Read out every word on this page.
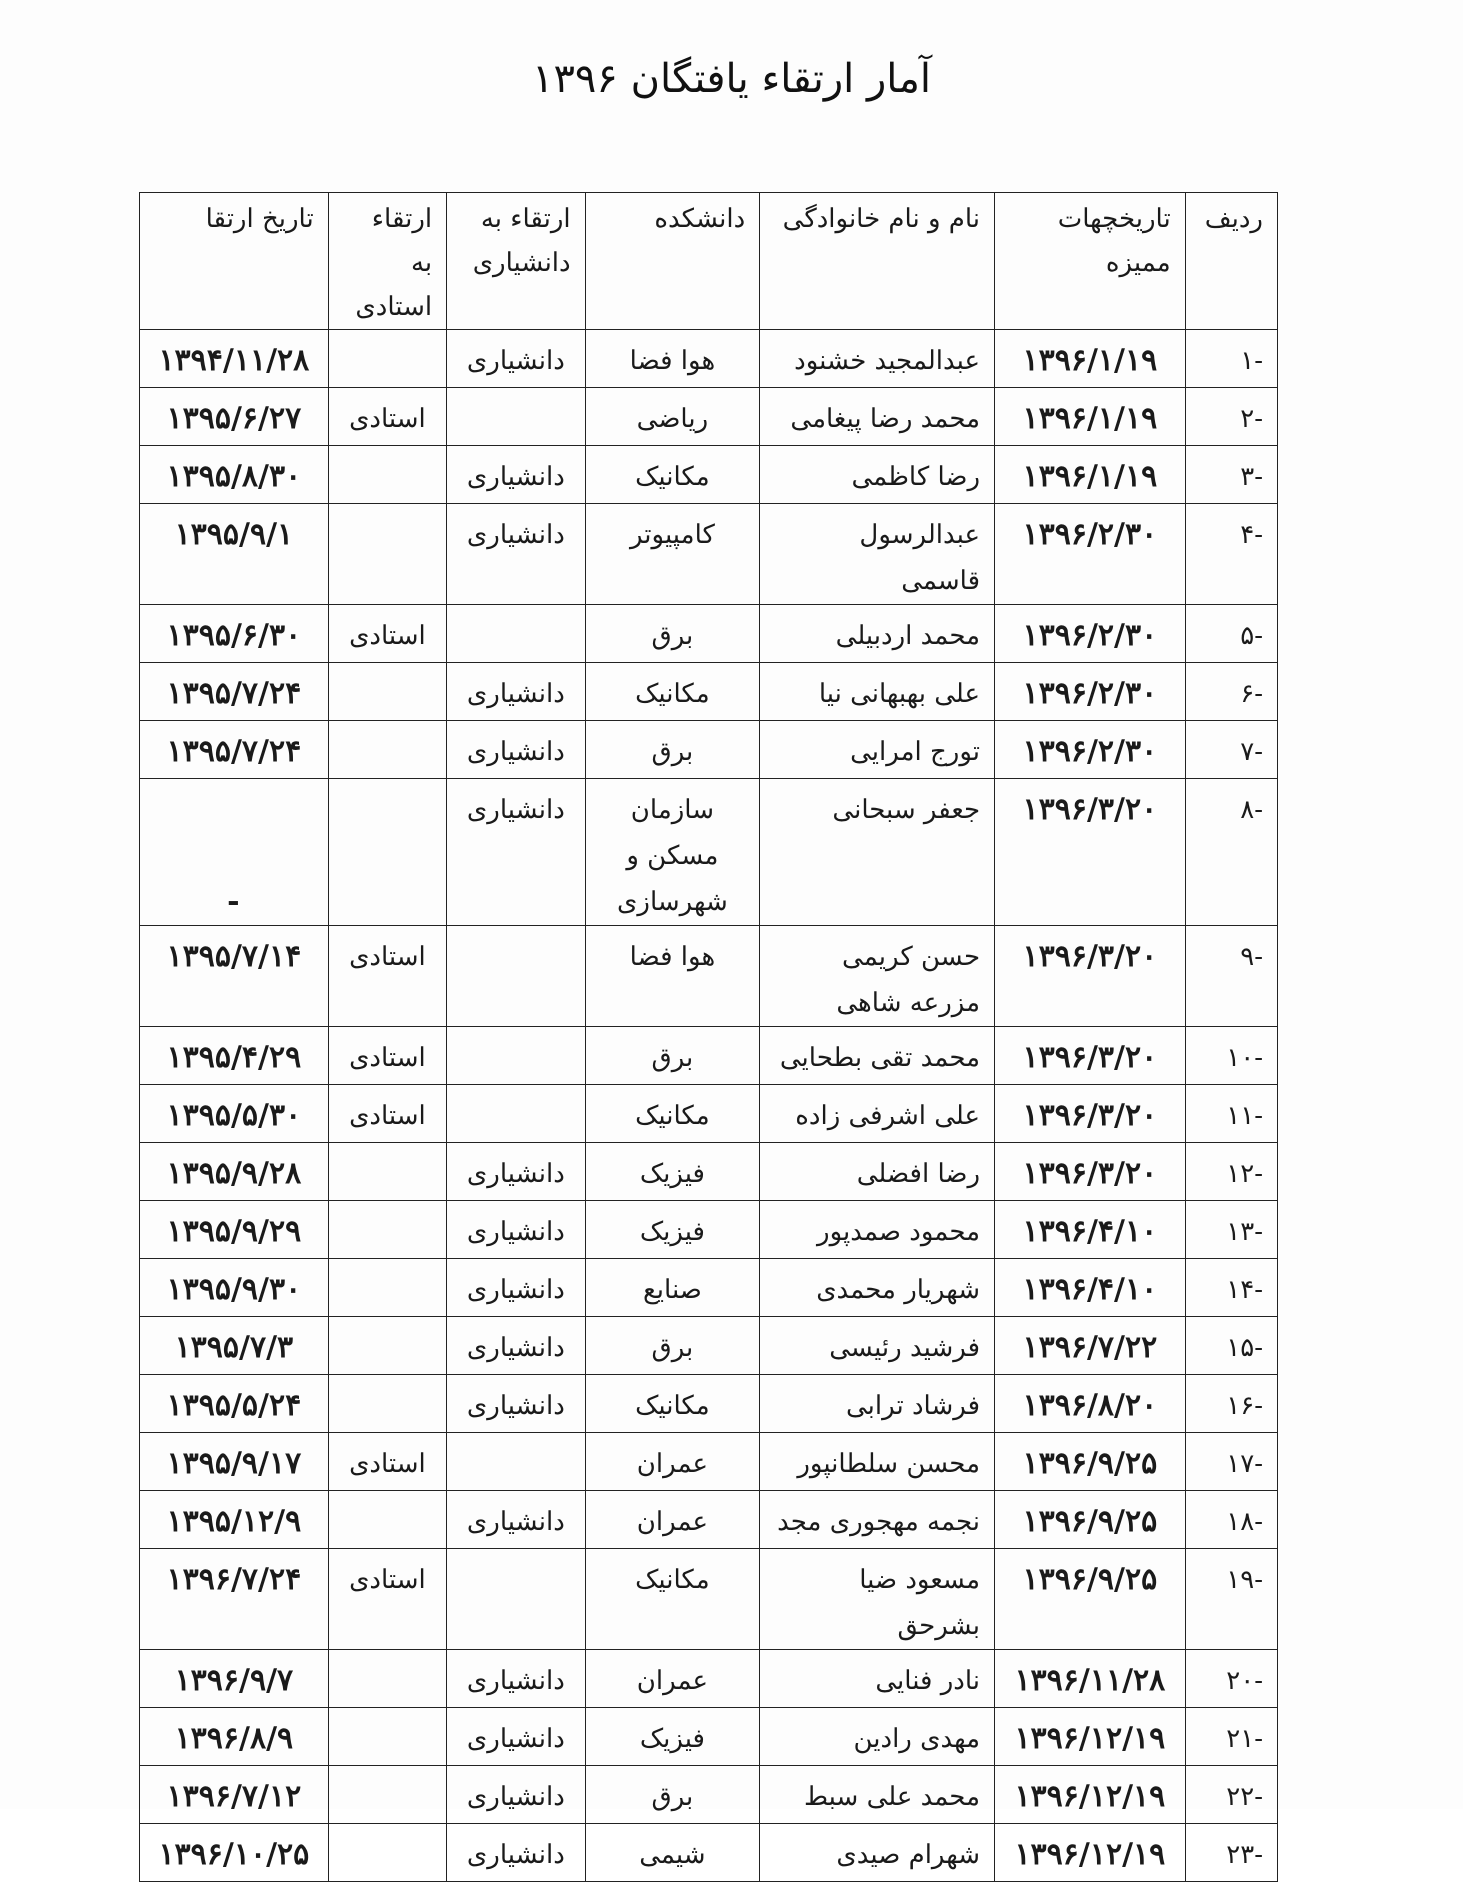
آمار ارتقاء یافتگان ۱۳۹۶
ردیف	تاریخچهات ممیزه	نام و نام خانوادگی	دانشکده	ارتقاء به دانشیاری	ارتقاء به استادی	تاریخ ارتقا
-۱	۱۳۹۶/۱/۱۹	عبدالمجید خشنود	هوا فضا	دانشیاری		۱۳۹۴/۱۱/۲۸
-۲	۱۳۹۶/۱/۱۹	محمد رضا پیغامی	ریاضی		استادی	۱۳۹۵/۶/۲۷
-۳	۱۳۹۶/۱/۱۹	رضا کاظمی	مکانیک	دانشیاری		۱۳۹۵/۸/۳۰
-۴	۱۳۹۶/۲/۳۰	عبدالرسول قاسمی	کامپیوتر	دانشیاری		۱۳۹۵/۹/۱
-۵	۱۳۹۶/۲/۳۰	محمد اردبیلی	برق		استادی	۱۳۹۵/۶/۳۰
-۶	۱۳۹۶/۲/۳۰	علی بهبهانی نیا	مکانیک	دانشیاری		۱۳۹۵/۷/۲۴
-۷	۱۳۹۶/۲/۳۰	تورج امرایی	برق	دانشیاری		۱۳۹۵/۷/۲۴
-۸	۱۳۹۶/۳/۲۰	جعفر سبحانی	سازمان مسکن و شهرسازی	دانشیاری		-
-۹	۱۳۹۶/۳/۲۰	حسن کریمی مزرعه شاهی	هوا فضا		استادی	۱۳۹۵/۷/۱۴
-۱۰	۱۳۹۶/۳/۲۰	محمد تقی بطحایی	برق		استادی	۱۳۹۵/۴/۲۹
-۱۱	۱۳۹۶/۳/۲۰	علی اشرفی زاده	مکانیک		استادی	۱۳۹۵/۵/۳۰
-۱۲	۱۳۹۶/۳/۲۰	رضا افضلی	فیزیک	دانشیاری		۱۳۹۵/۹/۲۸
-۱۳	۱۳۹۶/۴/۱۰	محمود صمدپور	فیزیک	دانشیاری		۱۳۹۵/۹/۲۹
-۱۴	۱۳۹۶/۴/۱۰	شهریار محمدی	صنایع	دانشیاری		۱۳۹۵/۹/۳۰
-۱۵	۱۳۹۶/۷/۲۲	فرشید رئیسی	برق	دانشیاری		۱۳۹۵/۷/۳
-۱۶	۱۳۹۶/۸/۲۰	فرشاد ترابی	مکانیک	دانشیاری		۱۳۹۵/۵/۲۴
-۱۷	۱۳۹۶/۹/۲۵	محسن سلطانپور	عمران		استادی	۱۳۹۵/۹/۱۷
-۱۸	۱۳۹۶/۹/۲۵	نجمه مهجوری مجد	عمران	دانشیاری		۱۳۹۵/۱۲/۹
-۱۹	۱۳۹۶/۹/۲۵	مسعود ضیا بشرحق	مکانیک		استادی	۱۳۹۶/۷/۲۴
-۲۰	۱۳۹۶/۱۱/۲۸	نادر فنایی	عمران	دانشیاری		۱۳۹۶/۹/۷
-۲۱	۱۳۹۶/۱۲/۱۹	مهدی رادین	فیزیک	دانشیاری		۱۳۹۶/۸/۹
-۲۲	۱۳۹۶/۱۲/۱۹	محمد علی سبط	برق	دانشیاری		۱۳۹۶/۷/۱۲
-۲۳	۱۳۹۶/۱۲/۱۹	شهرام صیدی	شیمی	دانشیاری		۱۳۹۶/۱۰/۲۵
